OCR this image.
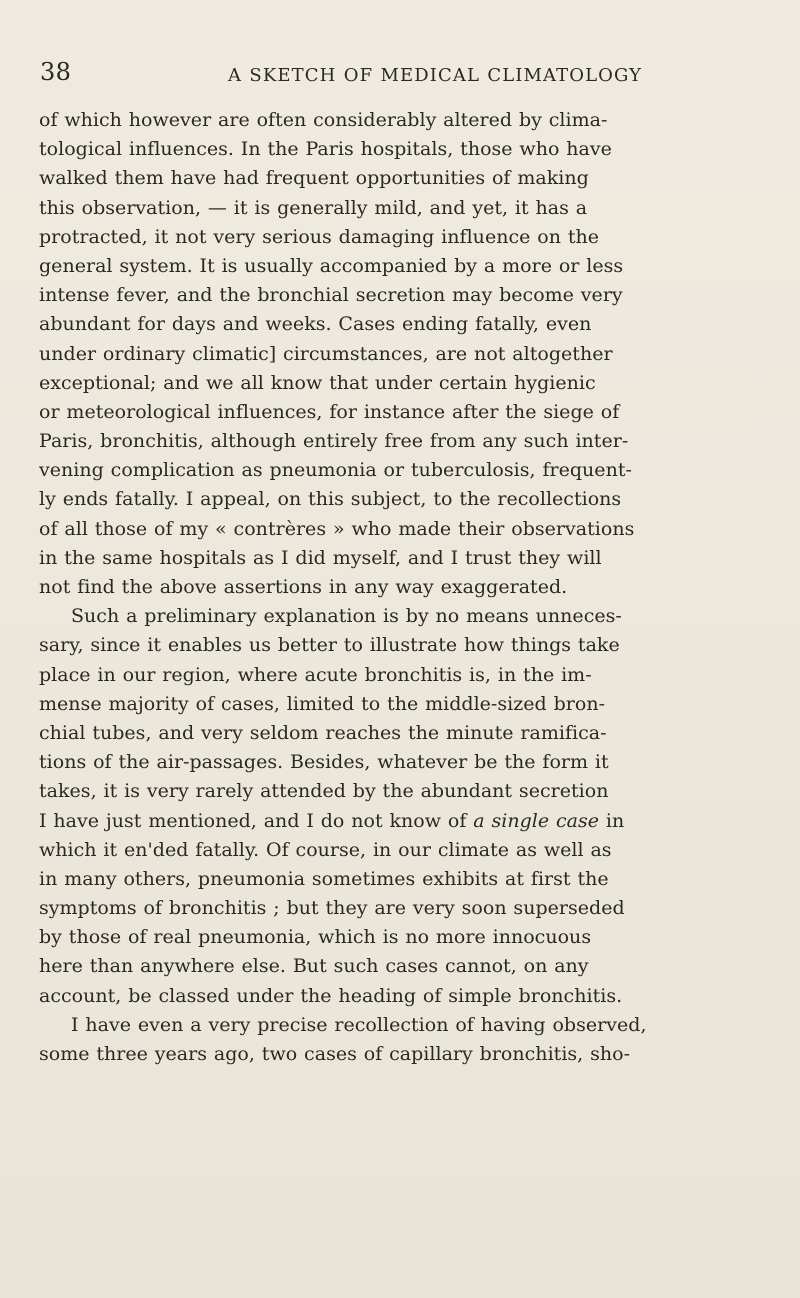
38	A SKETCH OF MEDICAL CLIMATOLOGY
of which however are often considerably altered by clima-
tological influences. In the Paris hospitals, those who have
walked them have had frequent opportunities of making
this observation, — it is generally mild, and yet, it has a
protracted, it not very serious damaging influence on the
general system. It is usually accompanied by a more or less
intense fever, and the bronchial secretion may become very
abundant for days and weeks. Cases ending fatally, even
under ordinary climatic] circumstances, are not altogether
exceptional; and we all know that under certain hygienic
or meteorological influences, for instance after the siege of
Paris, bronchitis, although entirely free from any such inter-
vening complication as pneumonia or tuberculosis, frequent-
ly ends fatally. I appeal, on this subject, to the recollections
of all those of my « contrères » who made their observations
in the same hospitals as I did myself, and I trust they will
not find the above assertions in any way exaggerated.
Such a preliminary explanation is by no means unneces-
sary, since it enables us better to illustrate how things take
place in our region, where acute bronchitis is, in the im-
mense majority of cases, limited to the middle-sized bron-
chial tubes, and very seldom reaches the minute ramifica-
tions of the air-passages. Besides, whatever be the form it
takes, it is very rarely attended by the abundant secretion
I have just mentioned, and I do not know of a single case in
which it en'ded fatally. Of course, in our climate as well as
in many others, pneumonia sometimes exhibits at first the
symptoms of bronchitis ; but they are very soon superseded
by those of real pneumonia, which is no more innocuous
here than anywhere else. But such cases cannot, on any
account, be classed under the heading of simple bronchitis.
I have even a very precise recollection of having observed,
some three years ago, two cases of capillary bronchitis, sho-
